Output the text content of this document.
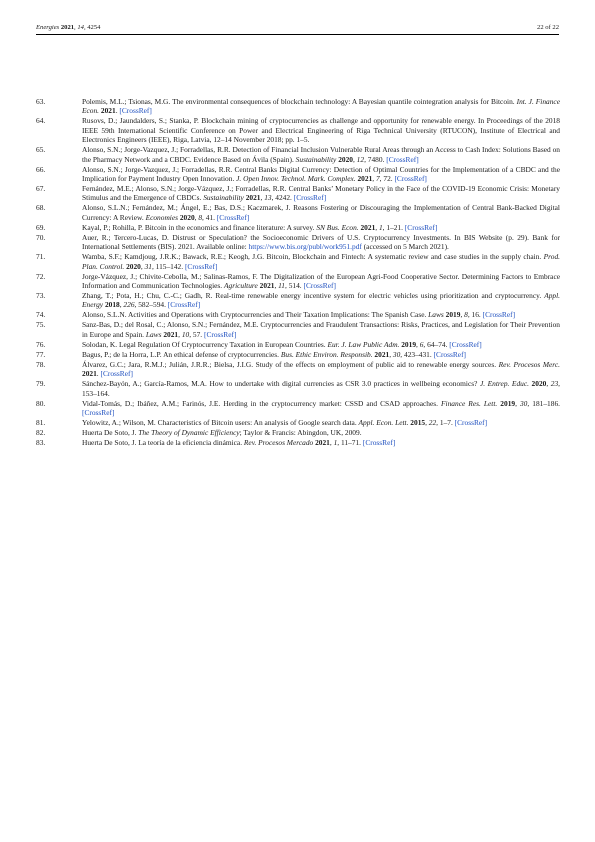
Energies 2021, 14, 4254	22 of 22
63.	Polemis, M.L.; Tsionas, M.G. The environmental consequences of blockchain technology: A Bayesian quantile cointegration analysis for Bitcoin. Int. J. Finance Econ. 2021. [CrossRef]
64.	Rusovs, D.; Jaundalders, S.; Stanka, P. Blockchain mining of cryptocurrencies as challenge and opportunity for renewable energy. In Proceedings of the 2018 IEEE 59th International Scientific Conference on Power and Electrical Engineering of Riga Technical University (RTUCON), Institute of Electrical and Electronics Engineers (IEEE), Riga, Latvia, 12–14 November 2018; pp. 1–5.
65.	Alonso, S.N.; Jorge-Vazquez, J.; Forradellas, R.R. Detection of Financial Inclusion Vulnerable Rural Areas through an Access to Cash Index: Solutions Based on the Pharmacy Network and a CBDC. Evidence Based on Ávila (Spain). Sustainability 2020, 12, 7480. [CrossRef]
66.	Alonso, S.N.; Jorge-Vazquez, J.; Forradellas, R.R. Central Banks Digital Currency: Detection of Optimal Countries for the Implementation of a CBDC and the Implication for Payment Industry Open Innovation. J. Open Innov. Technol. Mark. Complex. 2021, 7, 72. [CrossRef]
67.	Fernández, M.E.; Alonso, S.N.; Jorge-Vázquez, J.; Forradellas, R.R. Central Banks’ Monetary Policy in the Face of the COVID-19 Economic Crisis: Monetary Stimulus and the Emergence of CBDCs. Sustainability 2021, 13, 4242. [CrossRef]
68.	Alonso, S.L.N.; Fernández, M.; Ángel, E.; Bas, D.S.; Kaczmarek, J. Reasons Fostering or Discouraging the Implementation of Central Bank-Backed Digital Currency: A Review. Economies 2020, 8, 41. [CrossRef]
69.	Kayal, P.; Rohilla, P. Bitcoin in the economics and finance literature: A survey. SN Bus. Econ. 2021, 1, 1–21. [CrossRef]
70.	Auer, R.; Tercero-Lucas, D. Distrust or Speculation? the Socioeconomic Drivers of U.S. Cryptocurrency Investments. In BIS Website (p. 29). Bank for International Settlements (BIS). 2021. Available online: https://www.bis.org/publ/work951.pdf (accessed on 5 March 2021).
71.	Wamba, S.F.; Kamdjoug, J.R.K.; Bawack, R.E.; Keogh, J.G. Bitcoin, Blockchain and Fintech: A systematic review and case studies in the supply chain. Prod. Plan. Control. 2020, 31, 115–142. [CrossRef]
72.	Jorge-Vázquez, J.; Chivite-Cebolla, M.; Salinas-Ramos, F. The Digitalization of the European Agri-Food Cooperative Sector. Determining Factors to Embrace Information and Communication Technologies. Agriculture 2021, 11, 514. [CrossRef]
73.	Zhang, T.; Pota, H.; Chu, C.-C.; Gadh, R. Real-time renewable energy incentive system for electric vehicles using prioritization and cryptocurrency. Appl. Energy 2018, 226, 582–594. [CrossRef]
74.	Alonso, S.L.N. Activities and Operations with Cryptocurrencies and Their Taxation Implications: The Spanish Case. Laws 2019, 8, 16. [CrossRef]
75.	Sanz-Bas, D.; del Rosal, C.; Alonso, S.N.; Fernández, M.E. Cryptocurrencies and Fraudulent Transactions: Risks, Practices, and Legislation for Their Prevention in Europe and Spain. Laws 2021, 10, 57. [CrossRef]
76.	Solodan, K. Legal Regulation Of Cryptocurrency Taxation in European Countries. Eur. J. Law Public Adm. 2019, 6, 64–74. [CrossRef]
77.	Bagus, P.; de la Horra, L.P. An ethical defense of cryptocurrencies. Bus. Ethic Environ. Responsib. 2021, 30, 423–431. [CrossRef]
78.	Álvarez, G.C.; Jara, R.M.J.; Julián, J.R.R.; Bielsa, J.I.G. Study of the effects on employment of public aid to renewable energy sources. Rev. Procesos Merc. 2021. [CrossRef]
79.	Sánchez-Bayón, A.; García-Ramos, M.A. How to undertake with digital currencies as CSR 3.0 practices in wellbeing economics? J. Entrep. Educ. 2020, 23, 153–164.
80.	Vidal-Tomás, D.; Ibáñez, A.M.; Farinós, J.E. Herding in the cryptocurrency market: CSSD and CSAD approaches. Finance Res. Lett. 2019, 30, 181–186. [CrossRef]
81.	Yelowitz, A.; Wilson, M. Characteristics of Bitcoin users: An analysis of Google search data. Appl. Econ. Lett. 2015, 22, 1–7. [CrossRef]
82.	Huerta De Soto, J. The Theory of Dynamic Efficiency; Taylor & Francis: Abingdon, UK, 2009.
83.	Huerta De Soto, J. La teoría de la eficiencia dinámica. Rev. Procesos Mercado 2021, 1, 11–71. [CrossRef]
